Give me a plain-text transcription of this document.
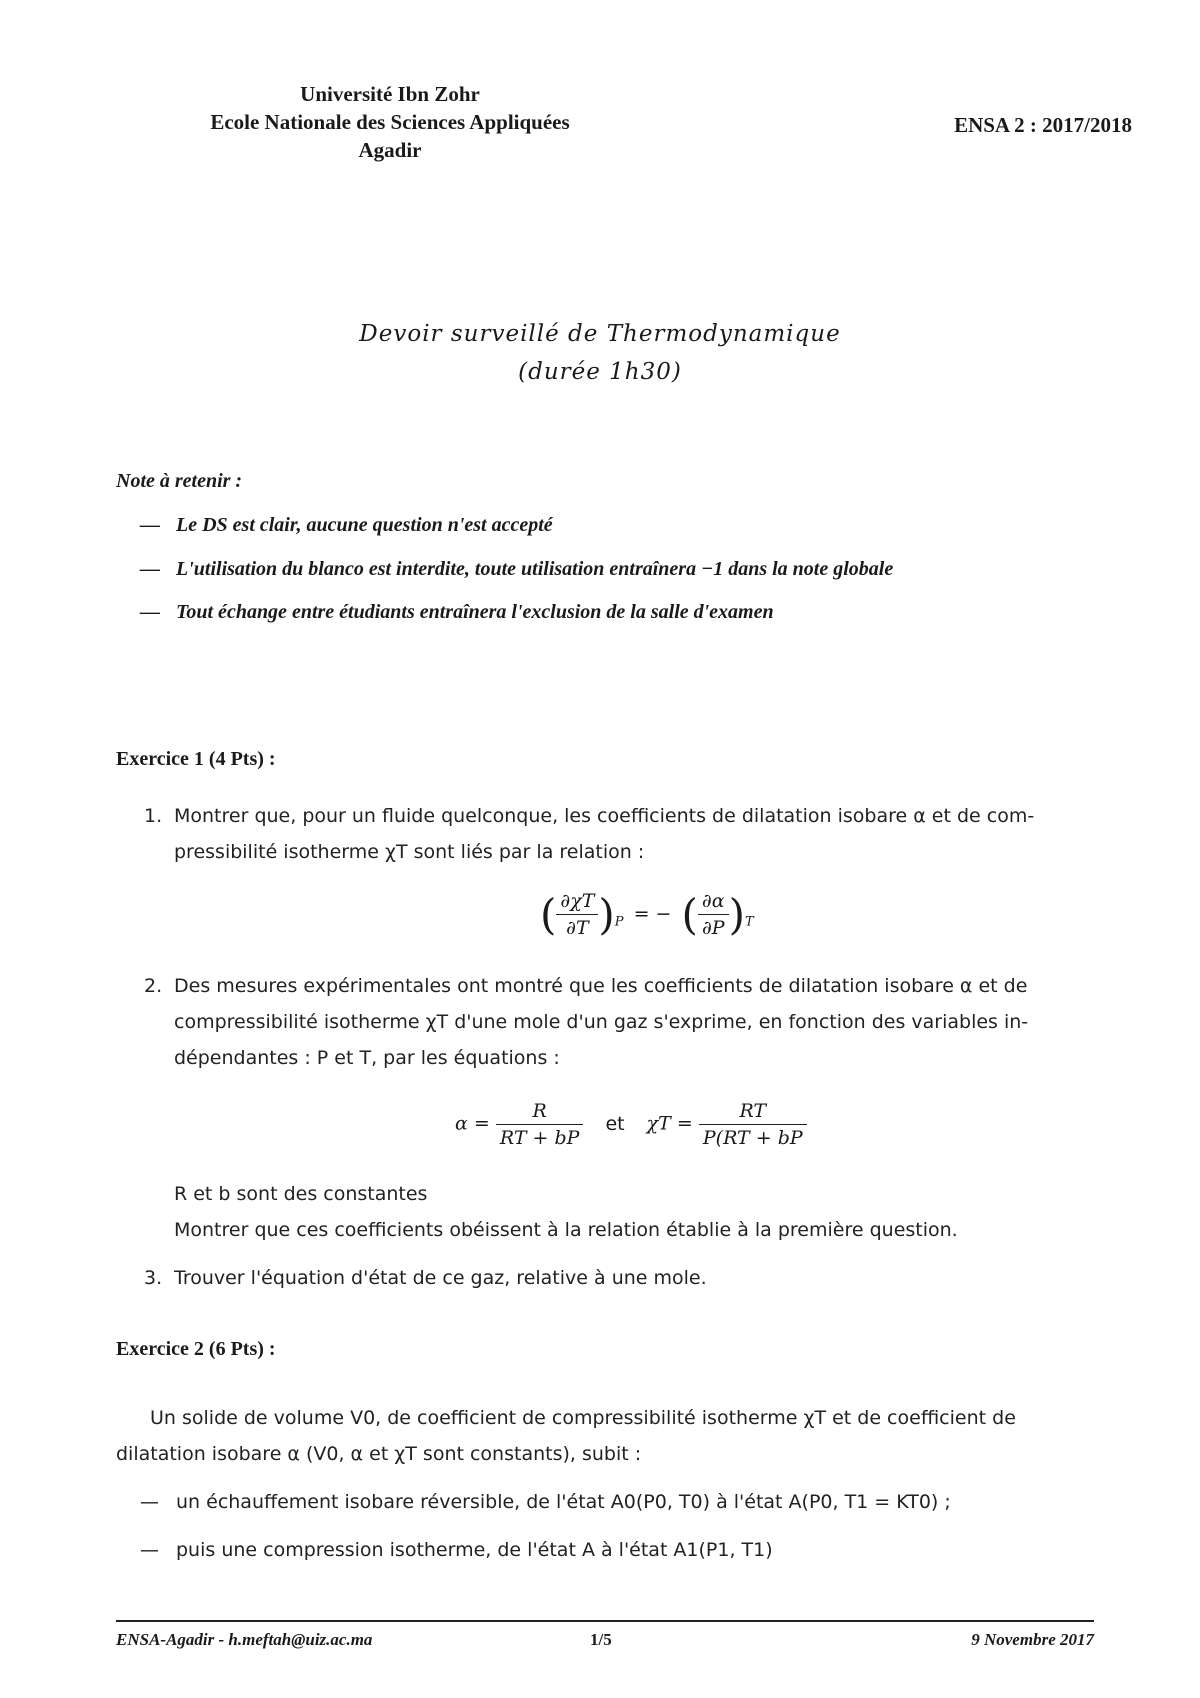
Université Ibn Zohr
Ecole Nationale des Sciences Appliquées
Agadir
ENSA 2 : 2017/2018
Devoir surveillé de Thermodynamique
(durée 1h30)
Note à retenir :
— Le DS est clair, aucune question n'est accepté
— L'utilisation du blanco est interdite, toute utilisation entraînera −1 dans la note globale
— Tout échange entre étudiants entraînera l'exclusion de la salle d'examen
Exercice 1 (4 Pts) :
1. Montrer que, pour un fluide quelconque, les coefficients de dilatation isobare α et de com-
pressibilité isotherme χT sont liés par la relation :
( $\frac{\partial\chi T}{\partial T} )_P$ = − ( $\frac{\partial\alpha}{\partial P} )_T$
2. Des mesures expérimentales ont montré que les coefficients de dilatation isobare α et de
compressibilité isotherme χT d'une mole d'un gaz s'exprime, en fonction des variables in-
dépendantes : P et T, par les équations :
$\alpha = \frac{R}{RT + bP}$ et $\chi T = \frac{RT}{P(RT + bP}$
R et b sont des constantes
Montrer que ces coefficients obéissent à la relation établie à la première question.
3. Trouver l'équation d'état de ce gaz, relative à une mole.
Exercice 2 (6 Pts) :
Un solide de volume V0, de coefficient de compressibilité isotherme χT et de coefficient de
dilatation isobare α (V0, α et χT sont constants), subit :
— un échauffement isobare réversible, de l'état A0(P0, T0) à l'état A(P0, T1 = KT0) ;
— puis une compression isotherme, de l'état A à l'état A1(P1, T1)
ENSA-Agadir - h.meftah@uiz.ac.ma	1/5	9 Novembre 2017
